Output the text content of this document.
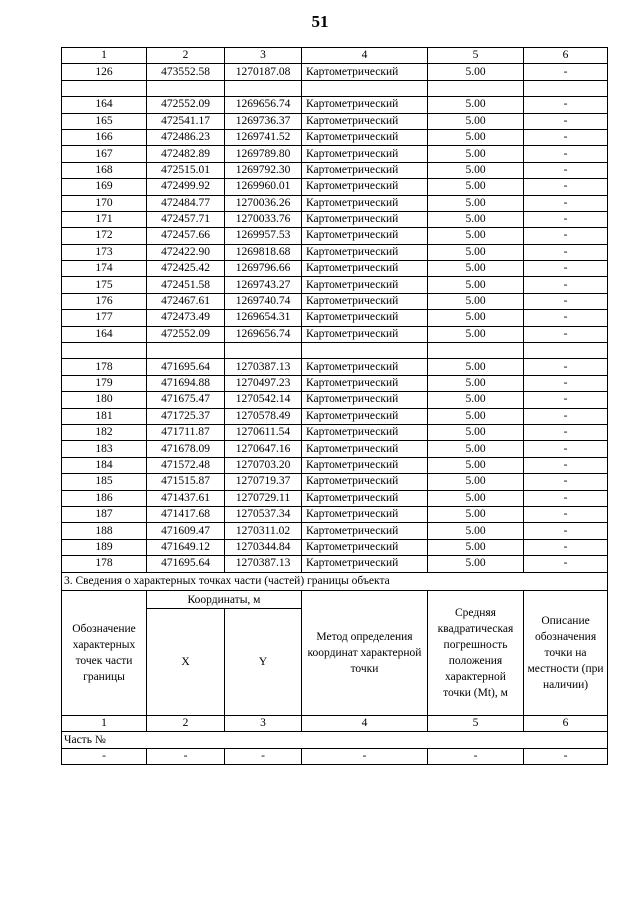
51
1	2	3	4	5	6
126	473552.58	1270187.08	Картометрический	5.00	-

164	472552.09	1269656.74	Картометрический	5.00	-
165	472541.17	1269736.37	Картометрический	5.00	-
166	472486.23	1269741.52	Картометрический	5.00	-
167	472482.89	1269789.80	Картометрический	5.00	-
168	472515.01	1269792.30	Картометрический	5.00	-
169	472499.92	1269960.01	Картометрический	5.00	-
170	472484.77	1270036.26	Картометрический	5.00	-
171	472457.71	1270033.76	Картометрический	5.00	-
172	472457.66	1269957.53	Картометрический	5.00	-
173	472422.90	1269818.68	Картометрический	5.00	-
174	472425.42	1269796.66	Картометрический	5.00	-
175	472451.58	1269743.27	Картометрический	5.00	-
176	472467.61	1269740.74	Картометрический	5.00	-
177	472473.49	1269654.31	Картометрический	5.00	-
164	472552.09	1269656.74	Картометрический	5.00	-

178	471695.64	1270387.13	Картометрический	5.00	-
179	471694.88	1270497.23	Картометрический	5.00	-
180	471675.47	1270542.14	Картометрический	5.00	-
181	471725.37	1270578.49	Картометрический	5.00	-
182	471711.87	1270611.54	Картометрический	5.00	-
183	471678.09	1270647.16	Картометрический	5.00	-
184	471572.48	1270703.20	Картометрический	5.00	-
185	471515.87	1270719.37	Картометрический	5.00	-
186	471437.61	1270729.11	Картометрический	5.00	-
187	471417.68	1270537.34	Картометрический	5.00	-
188	471609.47	1270311.02	Картометрический	5.00	-
189	471649.12	1270344.84	Картометрический	5.00	-
178	471695.64	1270387.13	Картометрический	5.00	-
3. Сведения о характерных точках части (частей) границы объекта					
Обозначение характерных точек части границы	Координаты, м		Метод определения координат характерной точки	Средняя квадратическая погрешность положения характерной точки (Mt), м	Описание обозначения точки на местности (при наличии)
	X	Y			
1	2	3	4	5	6
Часть №					
-	-	-	-	-	-
